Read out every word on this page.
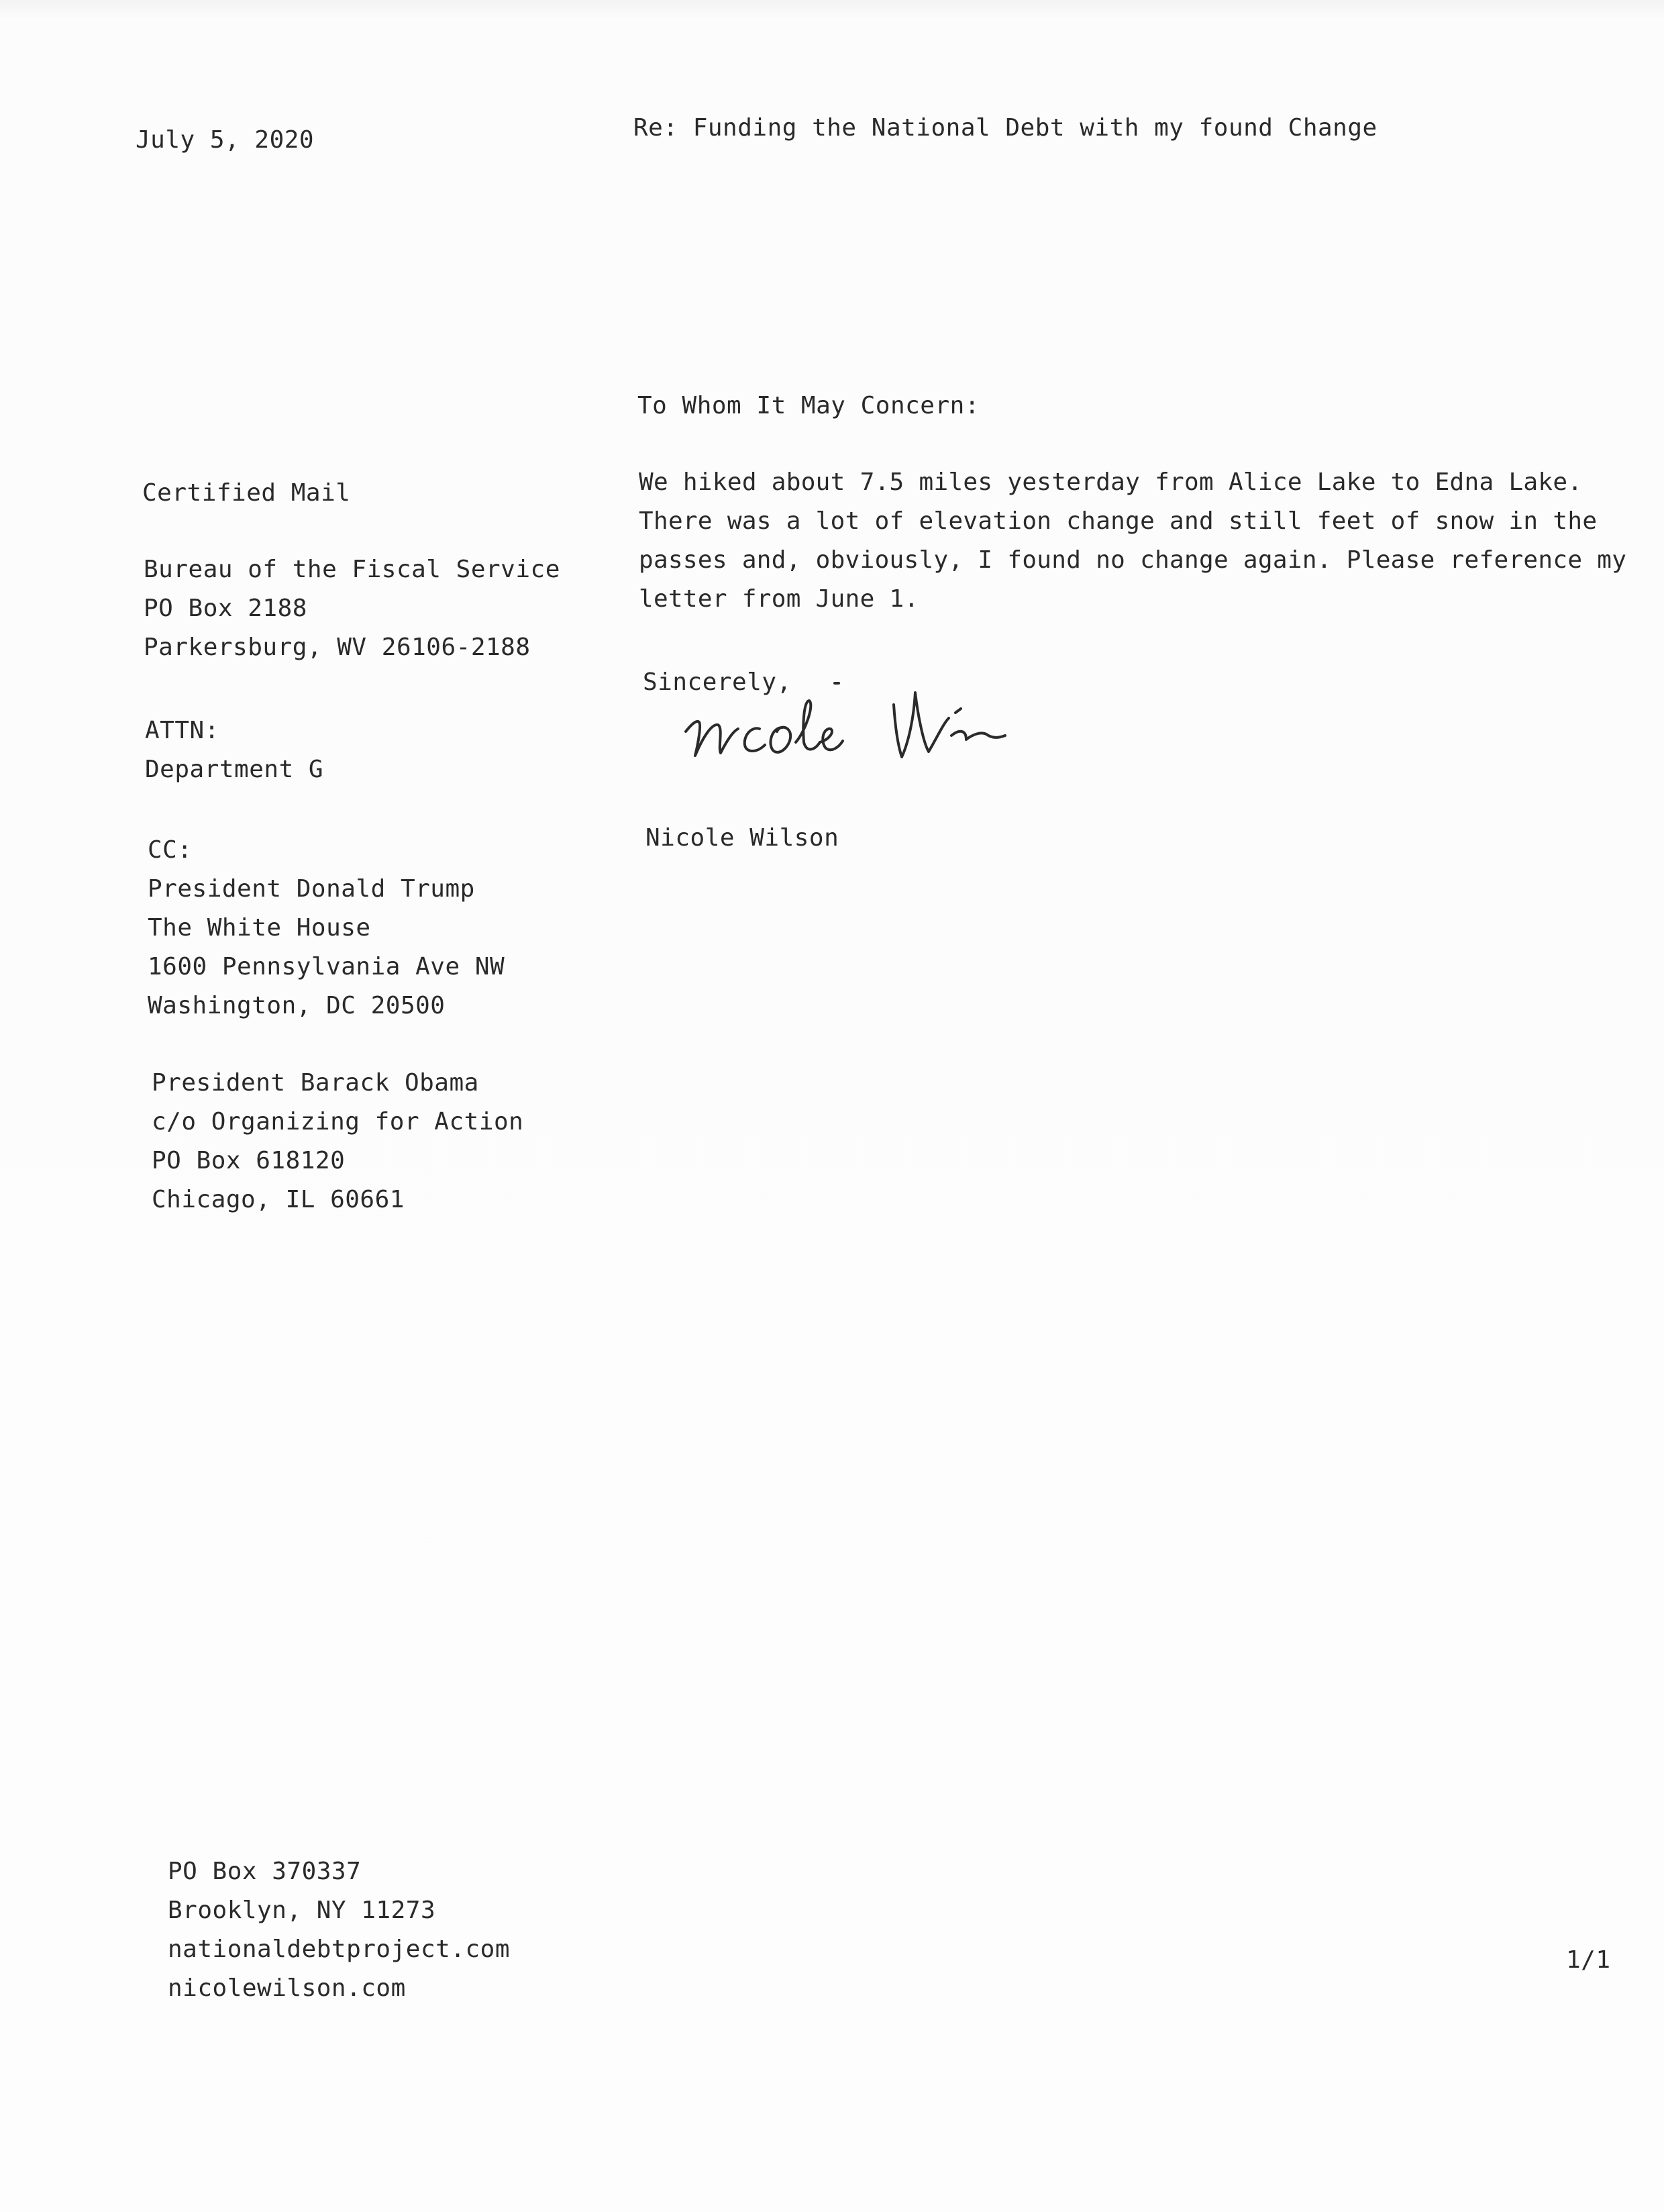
July 5, 2020	Re: Funding the National Debt with my found Change

To Whom It May Concern:

We hiked about 7.5 miles yesterday from Alice Lake to Edna Lake.

There was a lot of elevation change and still feet of snow in the

passes and, obviously, I found no change again. Please reference my

letter from June 1.

Sincerely,

Nicole Wilson

Certified Mail

Bureau of the Fiscal Service

PO Box 2188

Parkersburg, WV 26106-2188

ATTN:

Department G

CC:

President Donald Trump

The White House

1600 Pennsylvania Ave NW

Washington, DC 20500

President Barack Obama

c/o Organizing for Action

PO Box 618120

Chicago, IL 60661

PO Box 370337

Brooklyn, NY 11273

nationaldebtproject.com

nicolewilson.com

1/1
